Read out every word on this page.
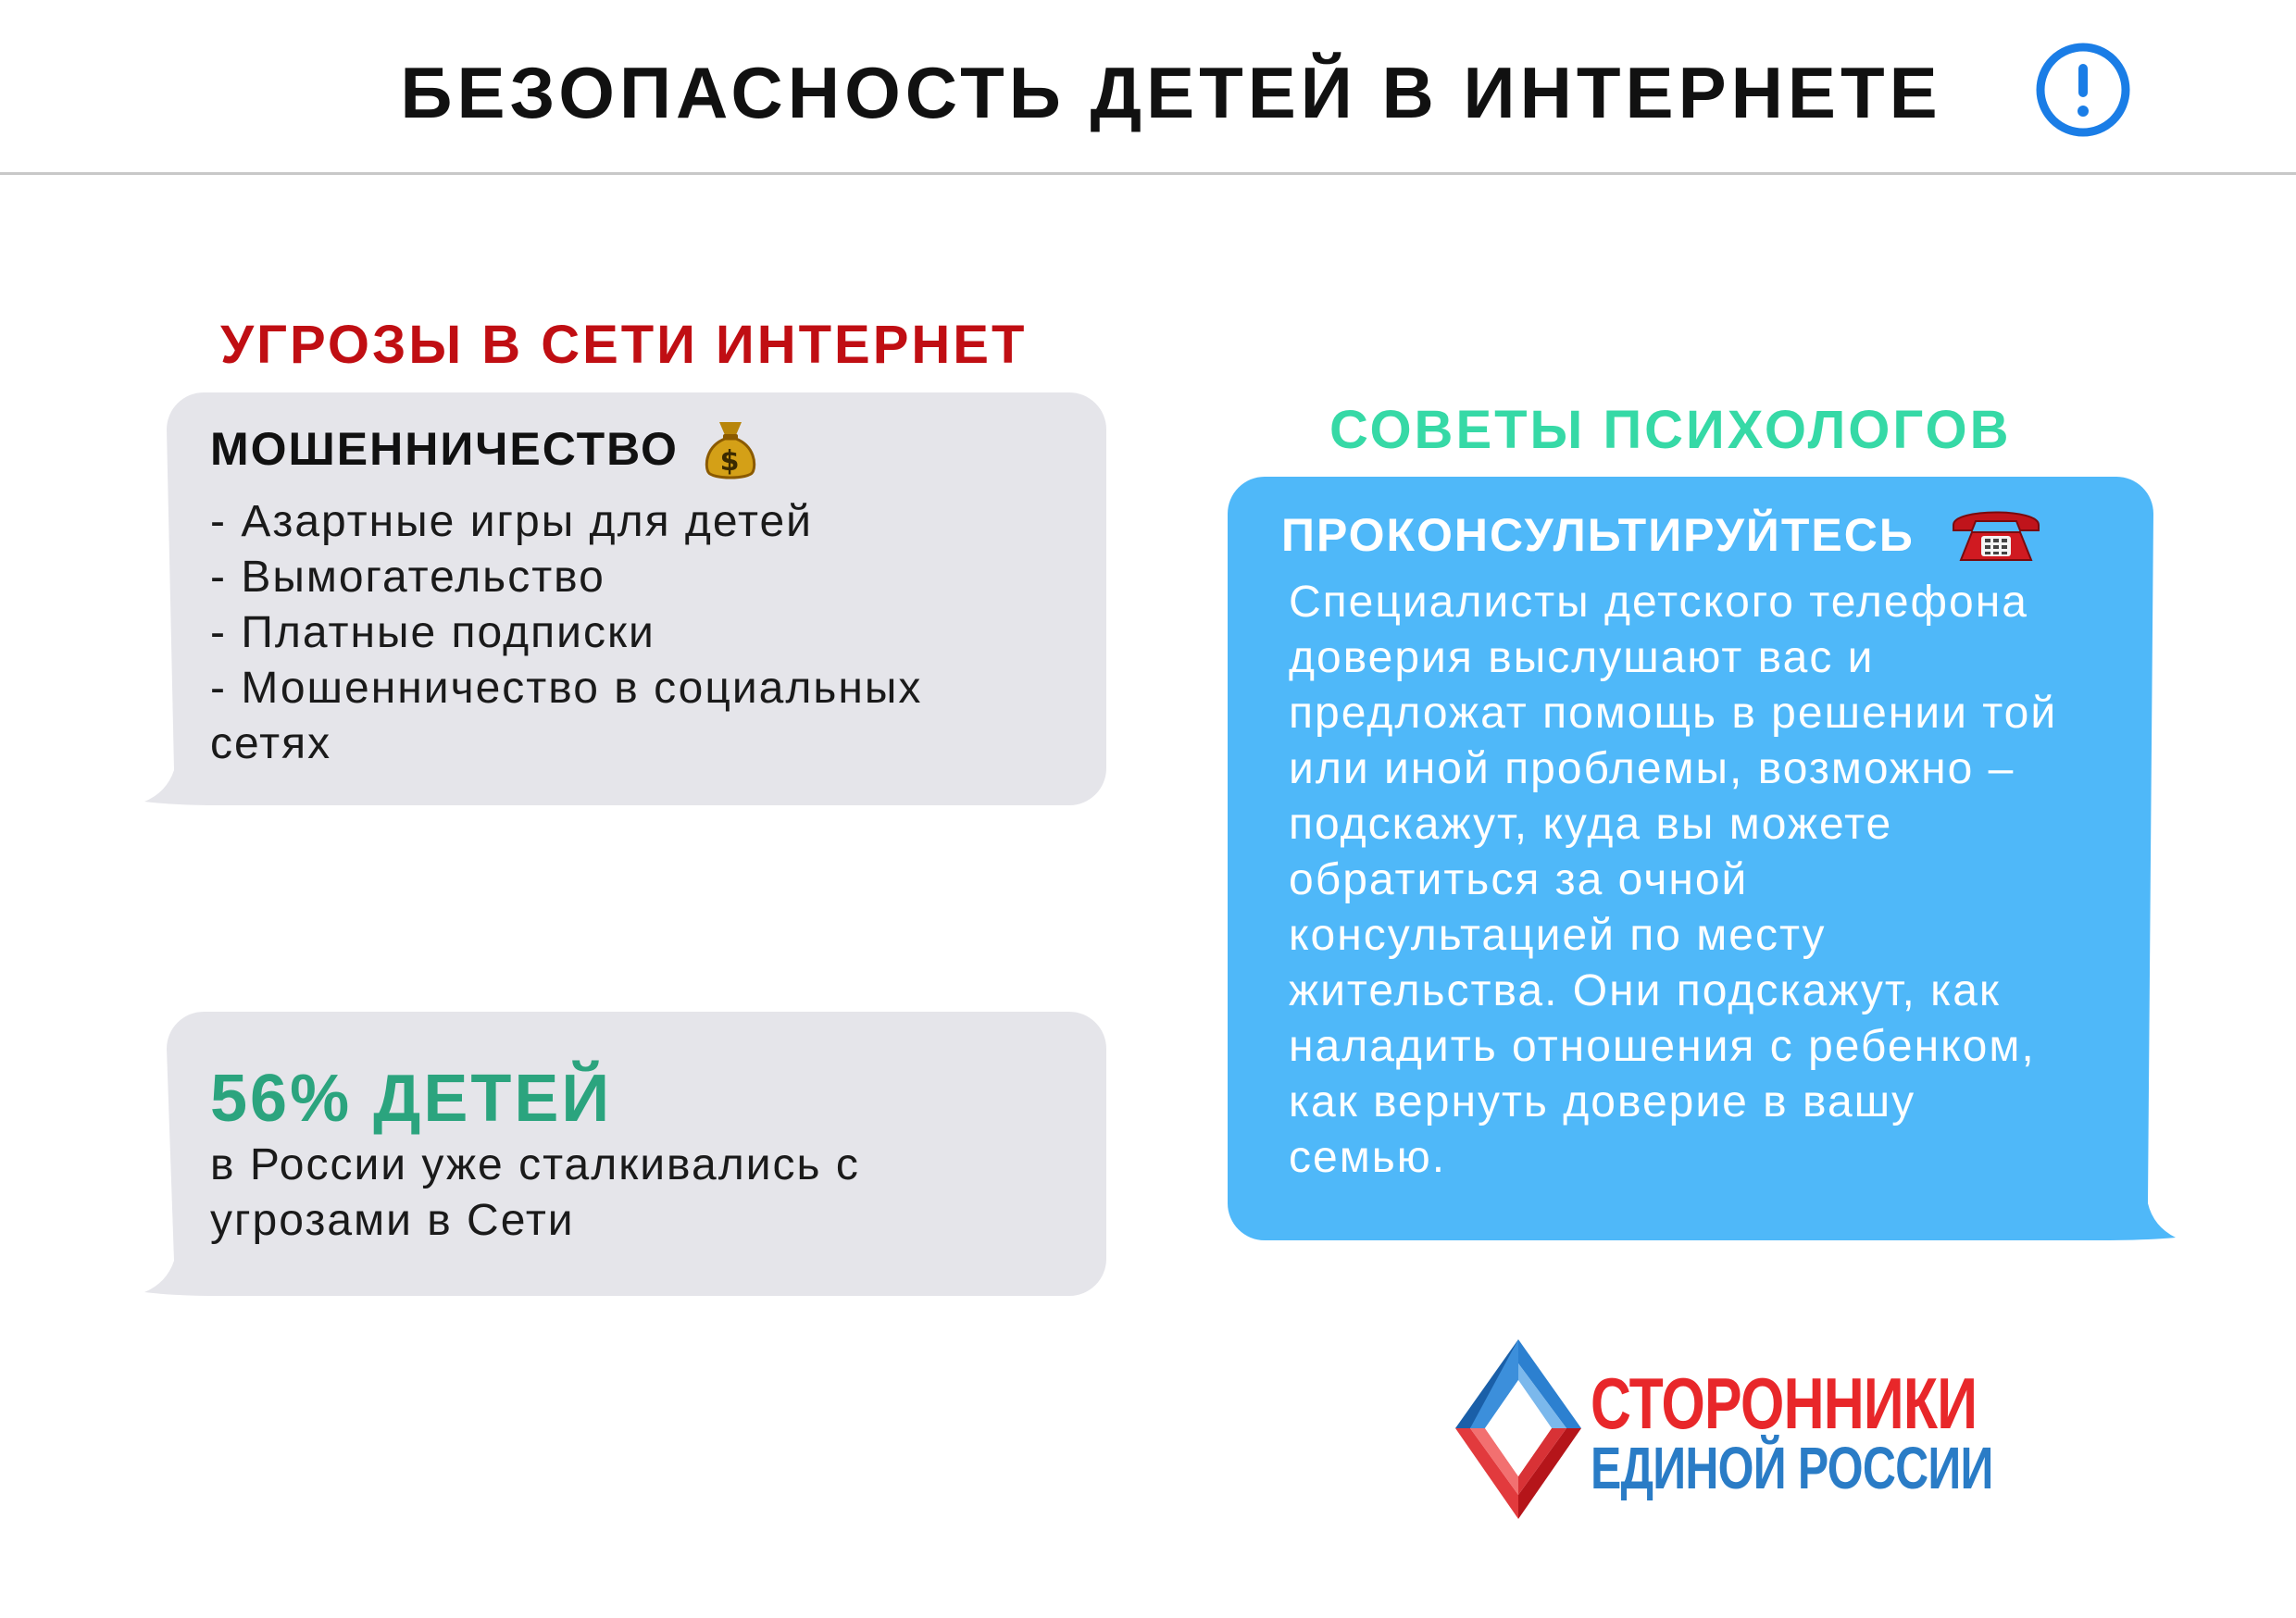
БЕЗОПАСНОСТЬ ДЕТЕЙ В ИНТЕРНЕТЕ
УГРОЗЫ В СЕТИ ИНТЕРНЕТ
МОШЕННИЧЕСТВО $
- Азартные игры для детей
- Вымогательство
- Платные подписки
- Мошенничество в социальных
сетях
56% ДЕТЕЙ
в России уже сталкивались с
угрозами в Сети
СОВЕТЫ ПСИХОЛОГОВ
ПРОКОНСУЛЬТИРУЙТЕСЬ
Специалисты детского телефона
доверия выслушают вас и
предложат помощь в решении той
или иной проблемы, возможно –
подскажут, куда вы можете
обратиться за очной
консультацией по месту
жительства. Они подскажут, как
наладить отношения с ребенком,
как вернуть доверие в вашу
семью.
СТОРОННИКИ
ЕДИНОЙ РОССИИ
